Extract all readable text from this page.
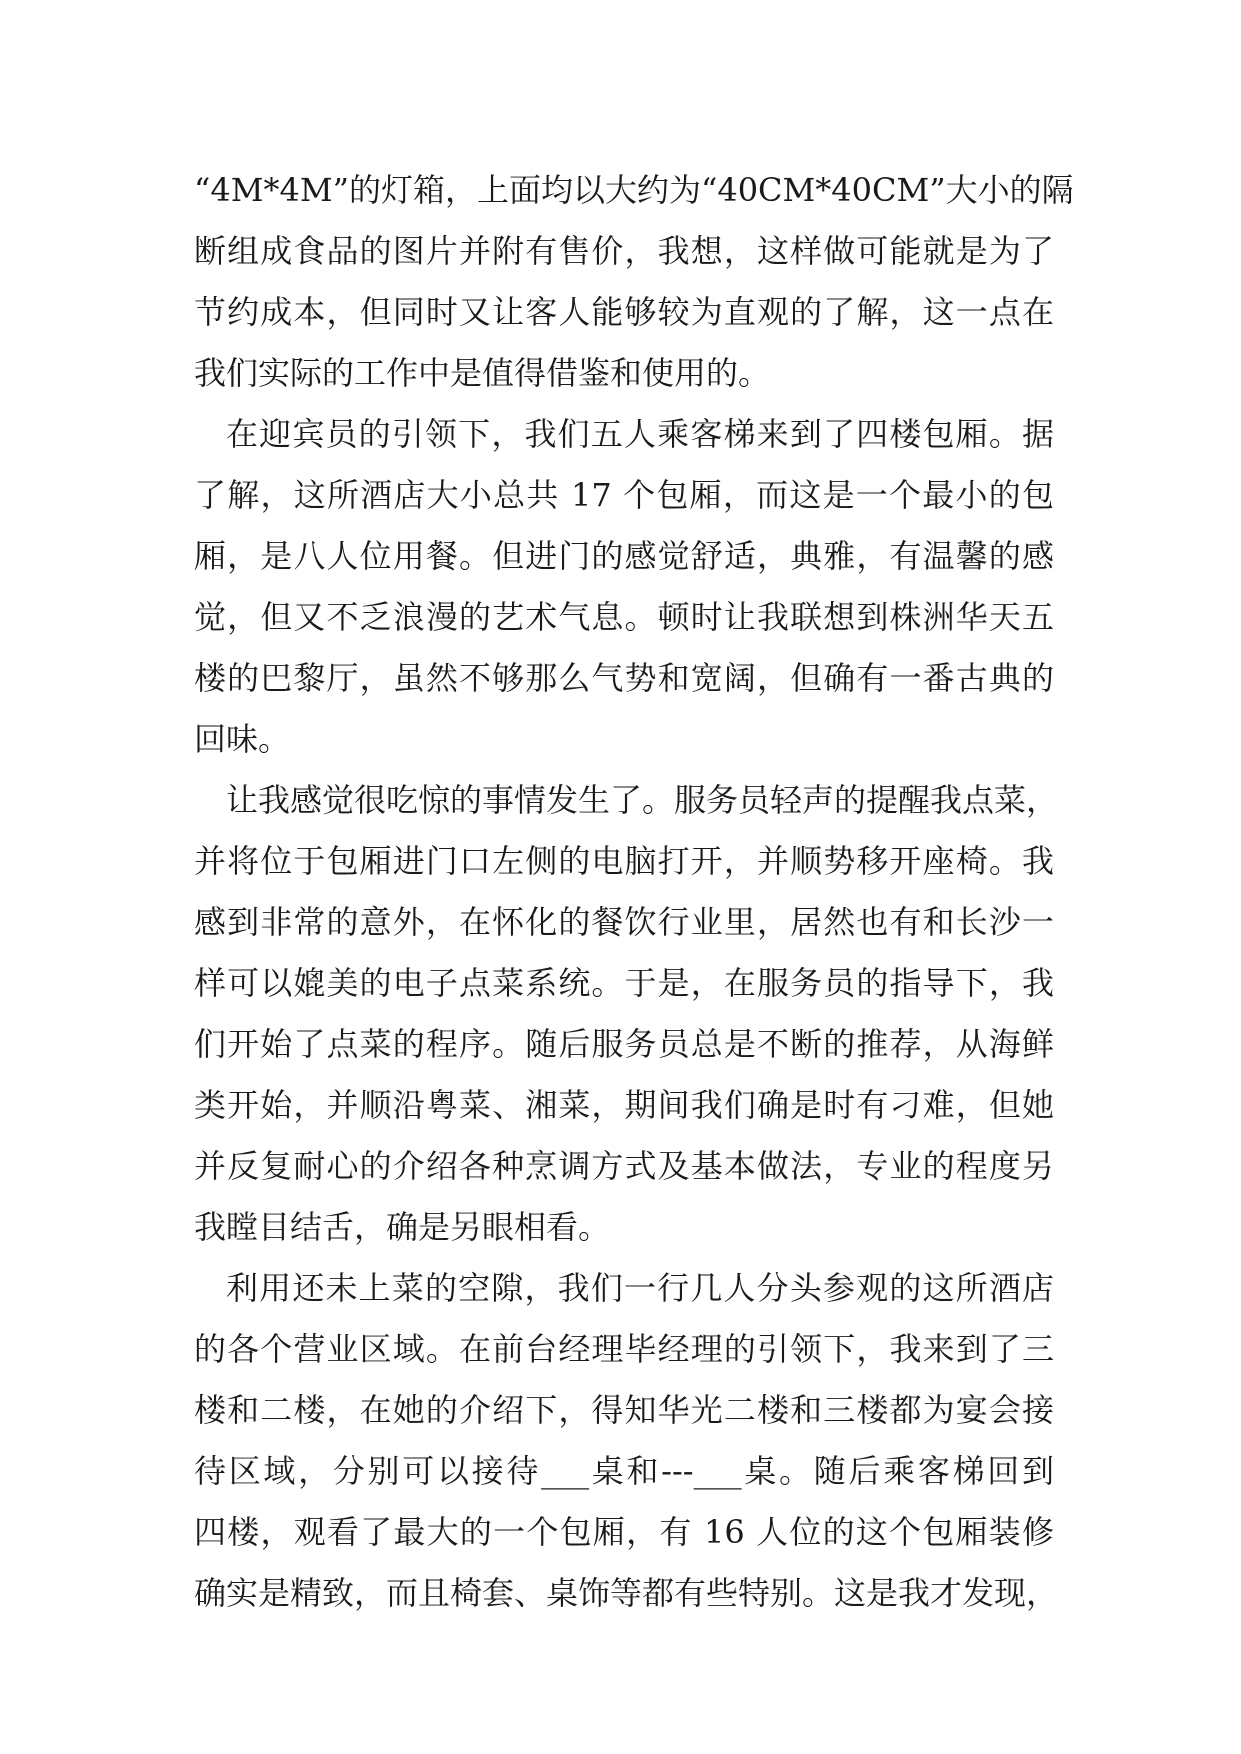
“4M*4M”的灯箱，上面均以大约为“40CM*40CM”大小的隔
断组成食品的图片并附有售价，我想，这样做可能就是为了
节约成本，但同时又让客人能够较为直观的了解，这一点在
我们实际的工作中是值得借鉴和使用的。
在迎宾员的引领下，我们五人乘客梯来到了四楼包厢。据
了解，这所酒店大小总共 17 个包厢，而这是一个最小的包
厢，是八人位用餐。但进门的感觉舒适，典雅，有温馨的感
觉，但又不乏浪漫的艺术气息。顿时让我联想到株洲华天五
楼的巴黎厅，虽然不够那么气势和宽阔，但确有一番古典的
回味。
让我感觉很吃惊的事情发生了。服务员轻声的提醒我点菜，
并将位于包厢进门口左侧的电脑打开，并顺势移开座椅。我
感到非常的意外，在怀化的餐饮行业里，居然也有和长沙一
样可以媲美的电子点菜系统。于是，在服务员的指导下，我
们开始了点菜的程序。随后服务员总是不断的推荐，从海鲜
类开始，并顺沿粤菜、湘菜，期间我们确是时有刁难，但她
并反复耐心的介绍各种烹调方式及基本做法，专业的程度另
我瞠目结舌，确是另眼相看。
利用还未上菜的空隙，我们一行几人分头参观的这所酒店
的各个营业区域。在前台经理毕经理的引领下，我来到了三
楼和二楼，在她的介绍下，得知华光二楼和三楼都为宴会接
待区域，分别可以接待___桌和---___桌。随后乘客梯回到
四楼，观看了最大的一个包厢，有 16 人位的这个包厢装修
确实是精致，而且椅套、桌饰等都有些特别。这是我才发现，
